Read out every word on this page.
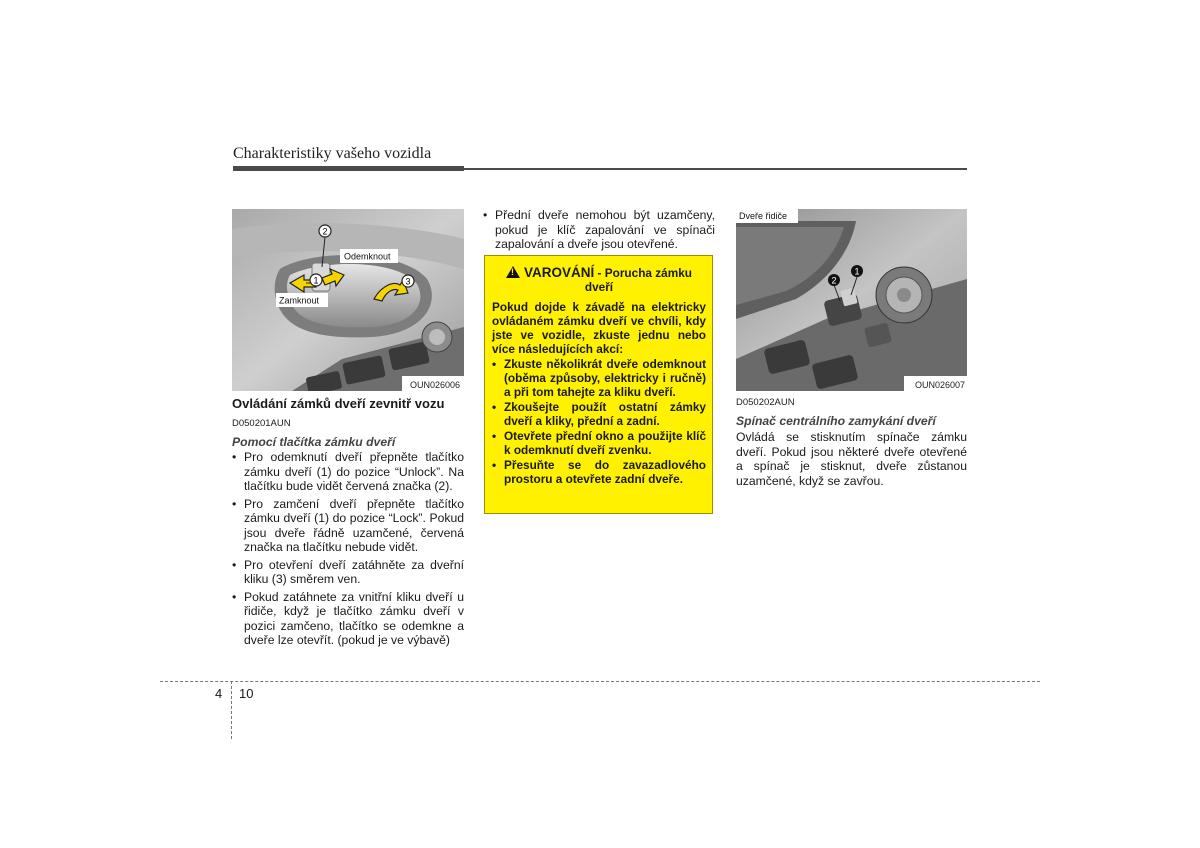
Charakteristiky vašeho vozidla
2
1	3
Odemknout
Zamknout
OUN026006
2
1
Dveře řidiče
OUN026007
Ovládání zámků dveří zevnitř vozu
D050201AUN
Pomocí tlačítka zámku dveří
• Pro odemknutí dveří přepněte tlačítko zámku dveří (1) do pozice “Unlock”. Na tlačítku bude vidět červená značka (2).
• Pro zamčení dveří přepněte tlačítko zámku dveří (1) do pozice “Lock”. Pokud jsou dveře řádně uzamčené, červená značka na tlačítku nebude vidět.
• Pro otevření dveří zatáhněte za dveřní kliku (3) směrem ven.
• Pokud zatáhnete za vnitřní kliku dveří u řidiče, když je tlačítko zámku dveří v pozici zamčeno, tlačítko se odemkne a dveře lze otevřít. (pokud je ve výbavě)
• Přední dveře nemohou být uzamčeny, pokud je klíč zapalování ve spínači zapalování a dveře jsou otevřené.
!VAROVÁNÍ - Porucha zámku dveří
Pokud dojde k závadě na elektricky ovládaném zámku dveří ve chvíli, kdy jste ve vozidle, zkuste jednu nebo více následujících akcí:
• Zkuste několikrát dveře odemknout (oběma způsoby, elektricky i ručně) a při tom tahejte za kliku dveří.
• Zkoušejte použít ostatní zámky dveří a kliky, přední a zadní.
• Otevřete přední okno a použijte klíč k odemknutí dveří zvenku.
• Přesuňte se do zavazadlového prostoru a otevřete zadní dveře.
D050202AUN
Spínač centrálního zamykání dveří

Ovládá se stisknutím spínače zámku dveří. Pokud jsou některé dveře otevřené a spínač je stisknut, dveře zůstanou uzamčené, když se zavřou.

4 10
